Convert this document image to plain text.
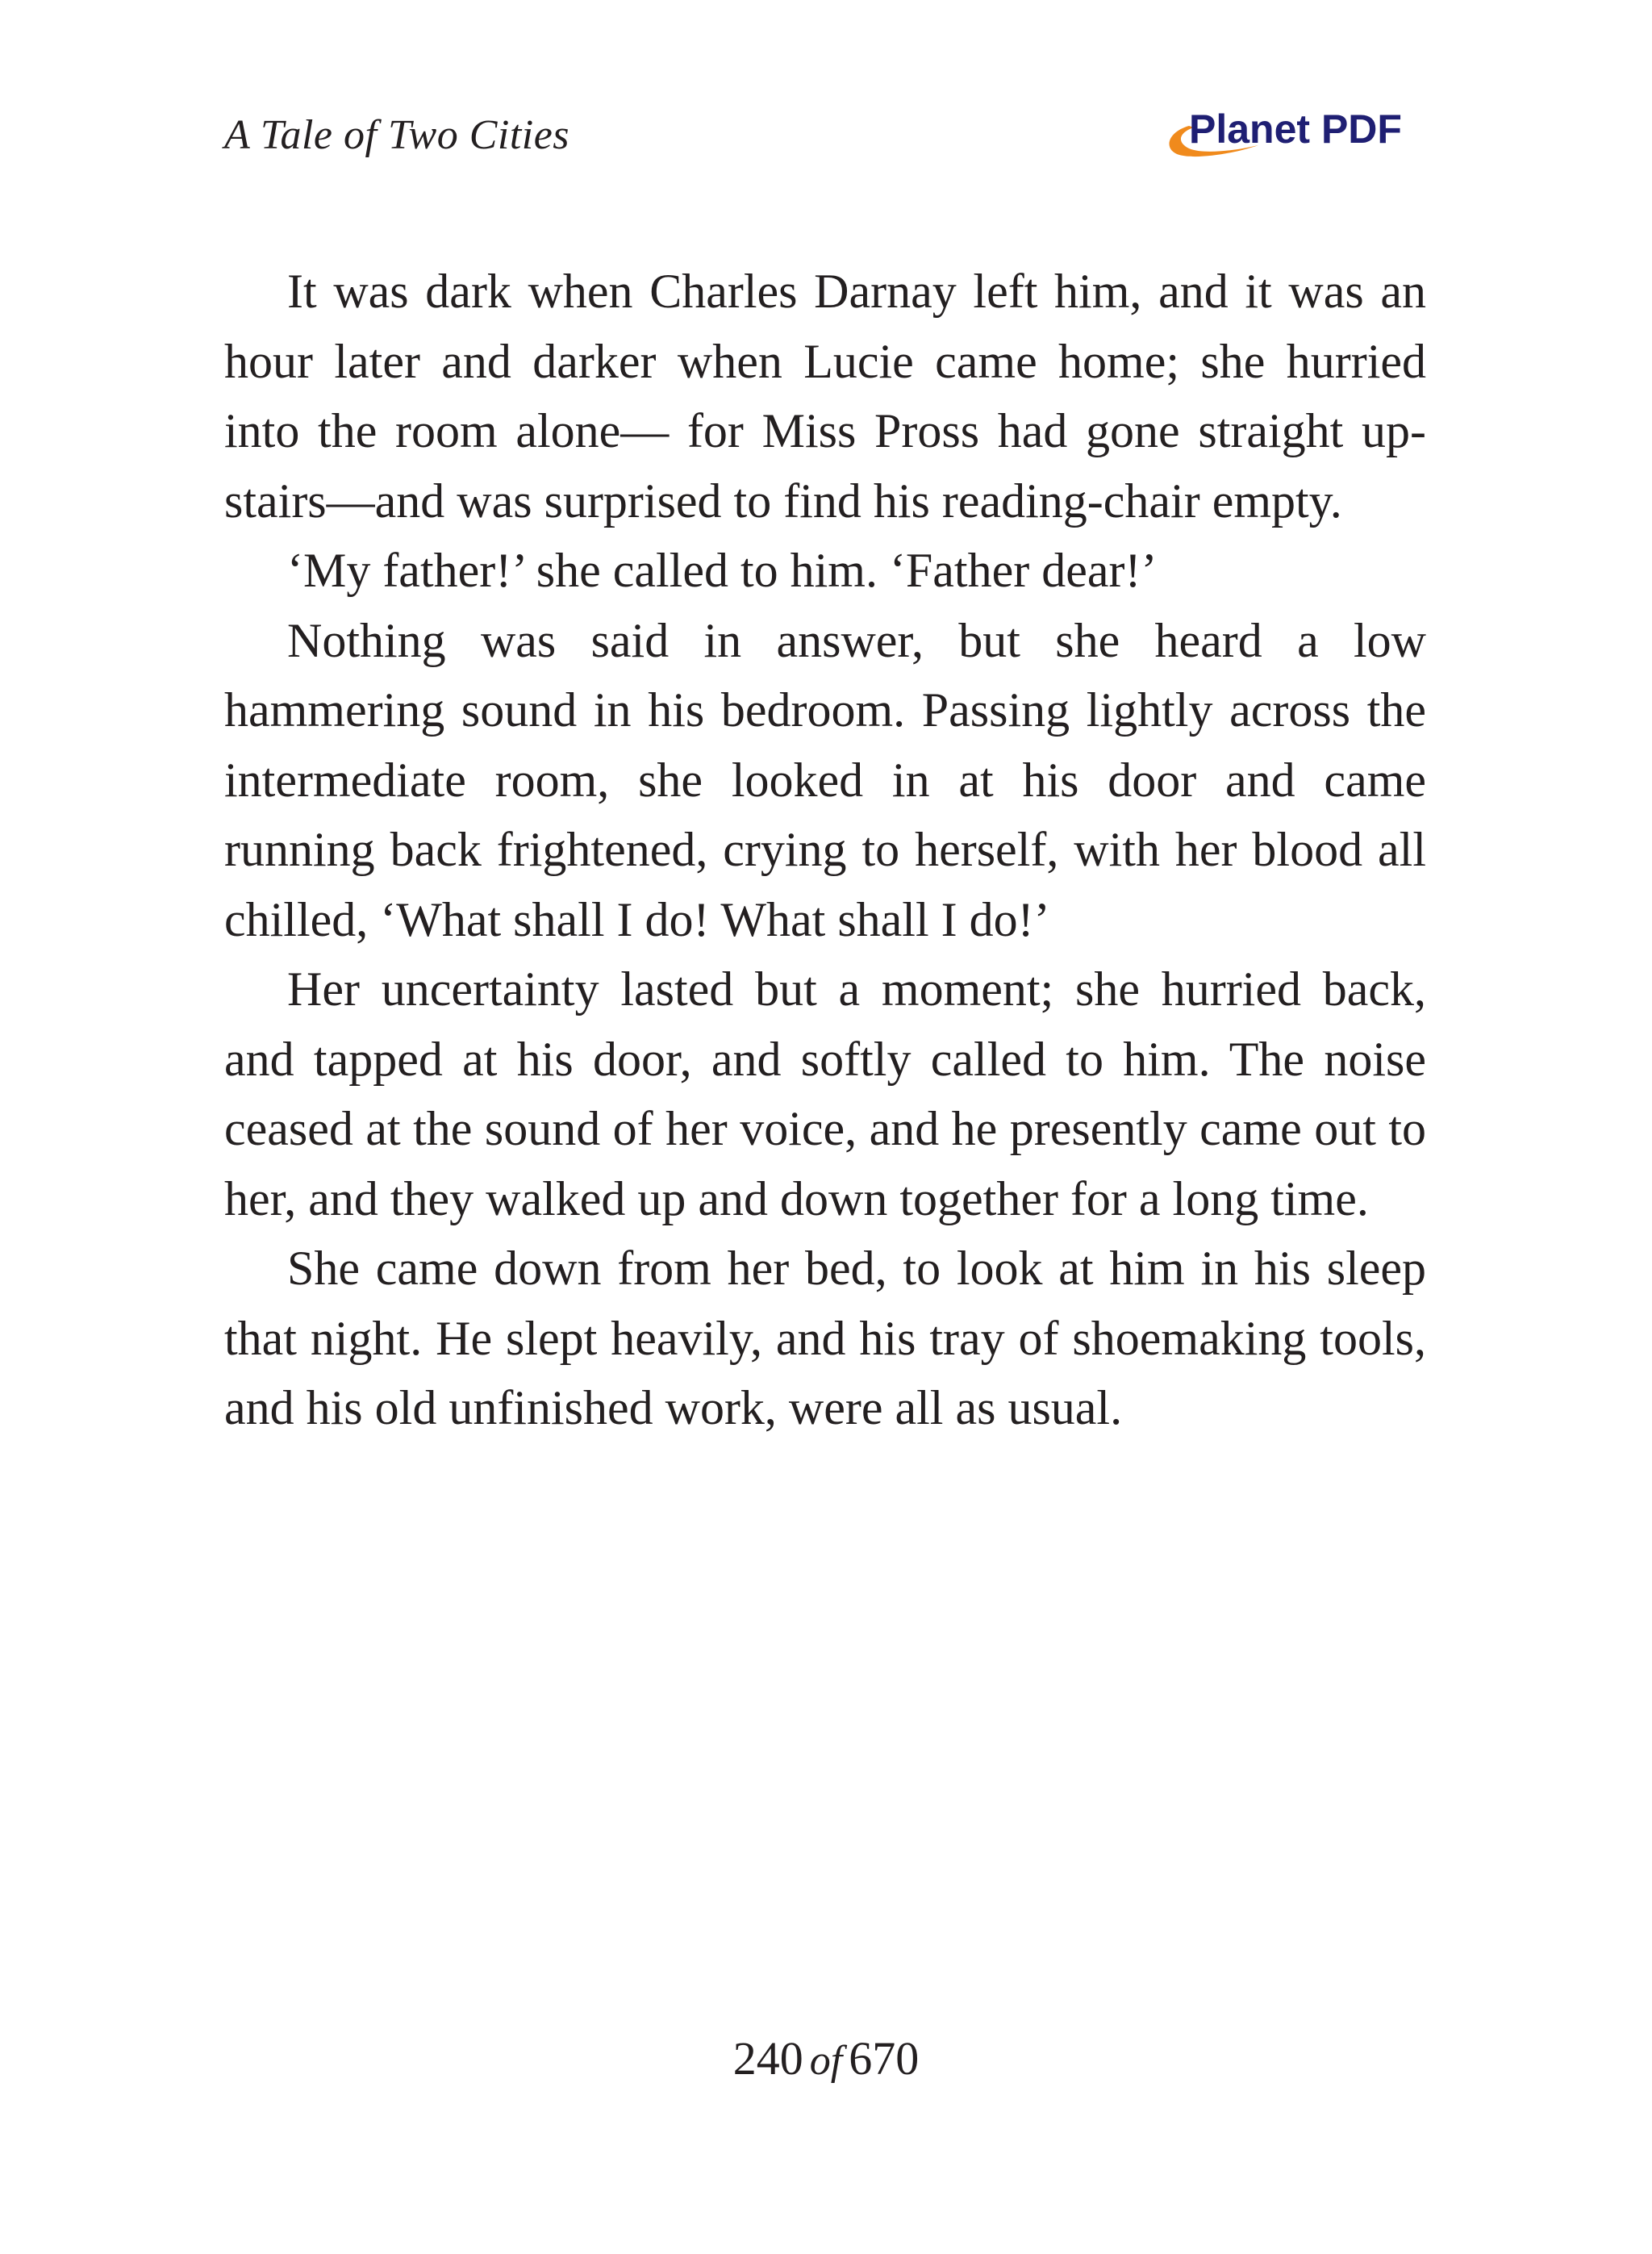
A Tale of Two Cities	Planet PDF

It was dark when Charles Darnay left him, and it was an hour later and darker when Lucie came home; she hurried into the room alone— for Miss Pross had gone straight up-stairs—and was surprised to find his reading-chair empty.

‘My father!’ she called to him. ‘Father dear!’

Nothing was said in answer, but she heard a low hammering sound in his bedroom. Passing lightly across the intermediate room, she looked in at his door and came running back frightened, crying to herself, with her blood all chilled, ‘What shall I do! What shall I do!’

Her uncertainty lasted but a moment; she hurried back, and tapped at his door, and softly called to him. The noise ceased at the sound of her voice, and he presently came out to her, and they walked up and down together for a long time.

She came down from her bed, to look at him in his sleep that night. He slept heavily, and his tray of shoemaking tools, and his old unfinished work, were all as usual.

240 of 670
